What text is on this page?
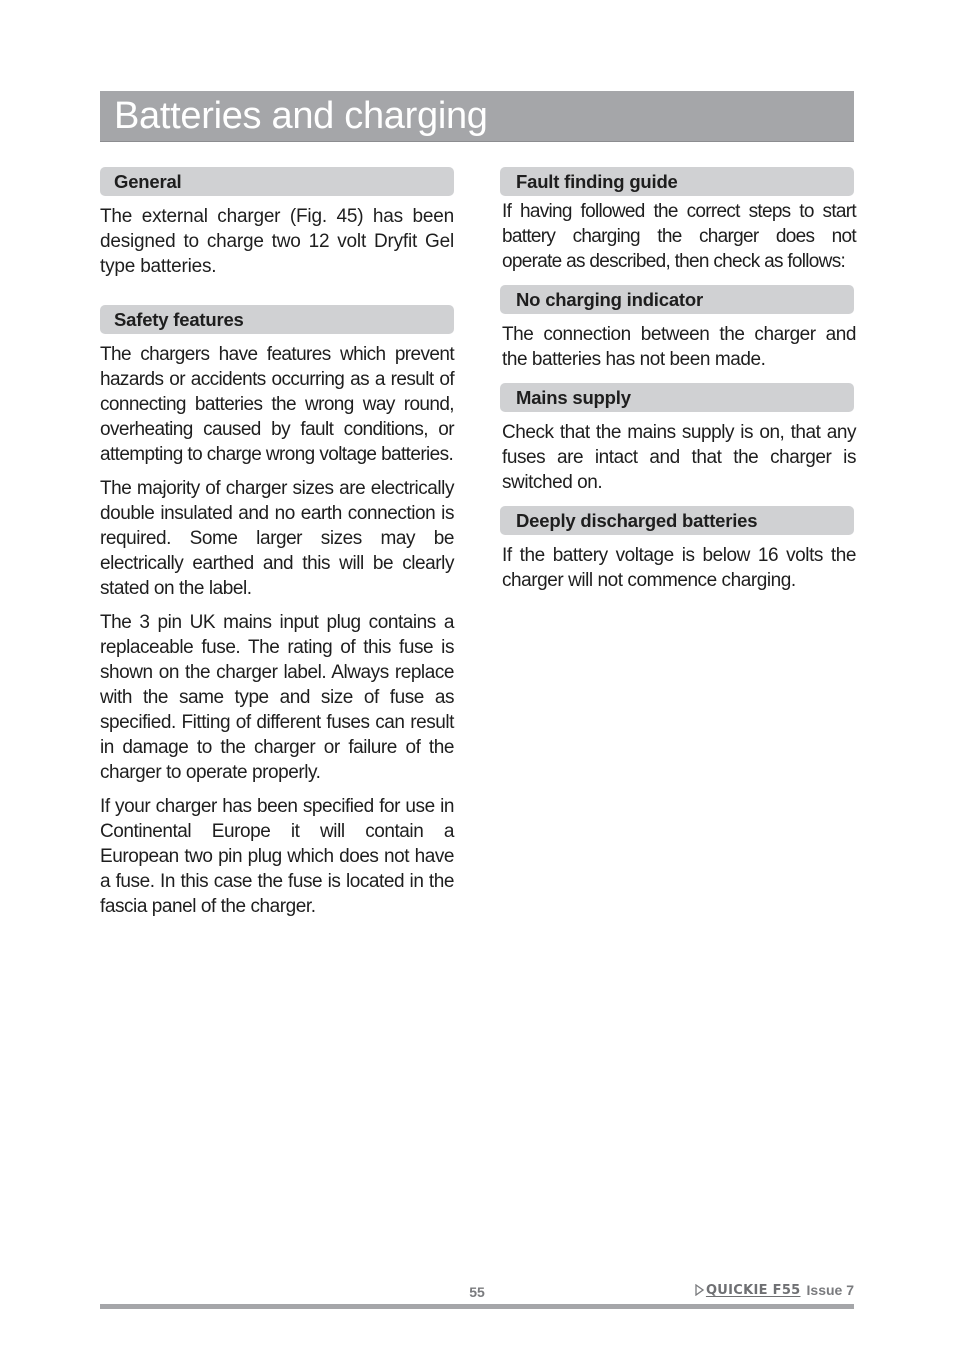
Batteries and charging
General

The external charger (Fig. 45) has been designed to charge two 12 volt Dryfit Gel type batteries.

Safety features

The chargers have features which prevent hazards or accidents occurring as a result of connecting batteries the wrong way round, overheating caused by fault conditions, or attempting to charge wrong voltage batteries.

The majority of charger sizes are electrically double insulated and no earth connection is required. Some larger sizes may be electrically earthed and this will be clearly stated on the label.

The 3 pin UK mains input plug contains a replaceable fuse. The rating of this fuse is shown on the charger label. Always replace with the same type and size of fuse as specified. Fitting of different fuses can result in damage to the charger or failure of the charger to operate properly.

If your charger has been specified for use in Continental Europe it will contain a European two pin plug which does not have a fuse. In this case the fuse is located in the fascia panel of the charger.

Fault finding guide

If having followed the correct steps to start battery charging the charger does not operate as described, then check as follows:

No charging indicator

The connection between the charger and the batteries has not been made.

Mains supply

Check that the mains supply is on, that any fuses are intact and that the charger is switched on.

Deeply discharged batteries

If the battery voltage is below 16 volts the charger will not commence charging.

55	QUICKIE F55 Issue 7
